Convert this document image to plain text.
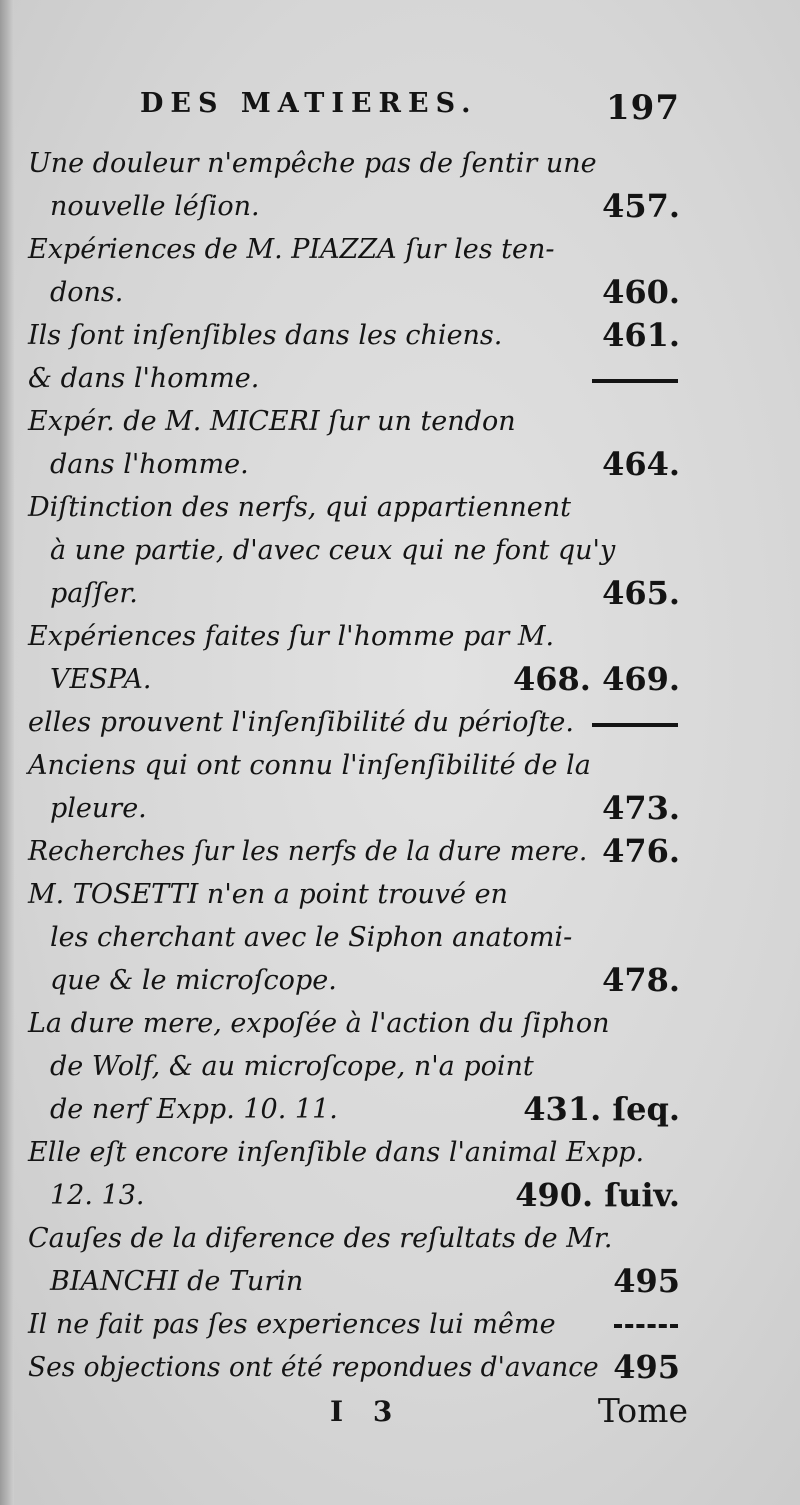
DES MATIERES.	197
Une douleur n'empêche pas de ſentir une
nouvelle léſion.	457.
Expériences de M. PIAZZA ſur les ten-
dons.	460.
Ils ſont inſenſibles dans les chiens.	461.
& dans l'homme.
Expér. de M. MICERI ſur un tendon
dans l'homme.	464.
Diſtinction des nerfs, qui appartiennent
à une partie, d'avec ceux qui ne font qu'y
paſſer.	465.
Expériences faites ſur l'homme par M.
VESPA.	468. 469.
elles prouvent l'inſenſibilité du périoſte.
Anciens qui ont connu l'inſenſibilité de la
pleure.	473.
Recherches ſur les nerfs de la dure mere. 476.
M. TOSETTI n'en a point trouvé en
les cherchant avec le Siphon anatomi-
que & le microſcope.	478.
La dure mere, expoſée à l'action du ſiphon
de Wolf, & au microſcope, n'a point
de nerf Expp. 10. 11.	431. ſeq.
Elle eſt encore inſenſible dans l'animal Expp.
12. 13.	490. ſuiv.
Cauſes de la diference des reſultats de Mr.
BIANCHI de Turin	495
Il ne fait pas ſes experiences lui même
Ses objections ont été repondues d'avance 495
I 3	Tome
